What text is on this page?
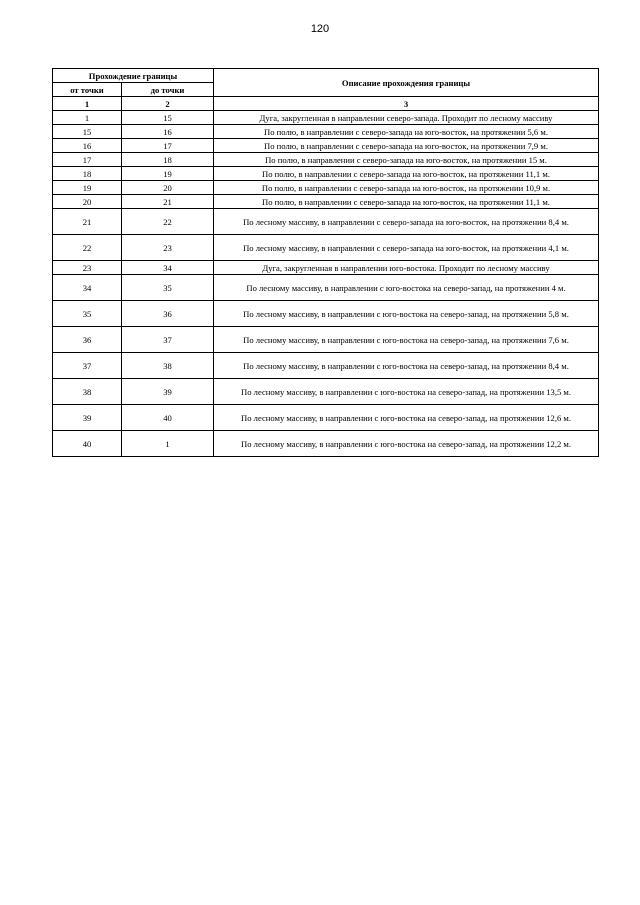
120
Прохождение границы		Описание прохождения границы
от точки	до точки	
1	2	3
1	15	Дуга, закругленная в направлении северо-запада. Проходит по лесному массиву
15	16	По полю, в направлении с северо-запада на юго-восток, на протяжении 5,6 м.
16	17	По полю, в направлении с северо-запада на юго-восток, на протяжении 7,9 м.
17	18	По полю, в направлении с северо-запада на юго-восток, на протяжении 15 м.
18	19	По полю, в направлении с северо-запада на юго-восток, на протяжении 11,1 м.
19	20	По полю, в направлении с северо-запада на юго-восток, на протяжении 10,9 м.
20	21	По полю, в направлении с северо-запада на юго-восток, на протяжении 11,1 м.
21	22	По лесному массиву, в направлении с северо-запада на юго-восток, на протяжении 8,4 м.
22	23	По лесному массиву, в направлении с северо-запада на юго-восток, на протяжении 4,1 м.
23	34	Дуга, закругленная в направлении юго-востока. Проходит по лесному массиву
34	35	По лесному массиву, в направлении с юго-востока на северо-запад, на протяжении 4 м.
35	36	По лесному массиву, в направлении с юго-востока на северо-запад, на протяжении 5,8 м.
36	37	По лесному массиву, в направлении с юго-востока на северо-запад, на протяжении 7,6 м.
37	38	По лесному массиву, в направлении с юго-востока на северо-запад, на протяжении 8,4 м.
38	39	По лесному массиву, в направлении с юго-востока на северо-запад, на протяжении 13,5 м.
39	40	По лесному массиву, в направлении с юго-востока на северо-запад, на протяжении 12,6 м.
40	1	По лесному массиву, в направлении с юго-востока на северо-запад, на протяжении 12,2 м.
